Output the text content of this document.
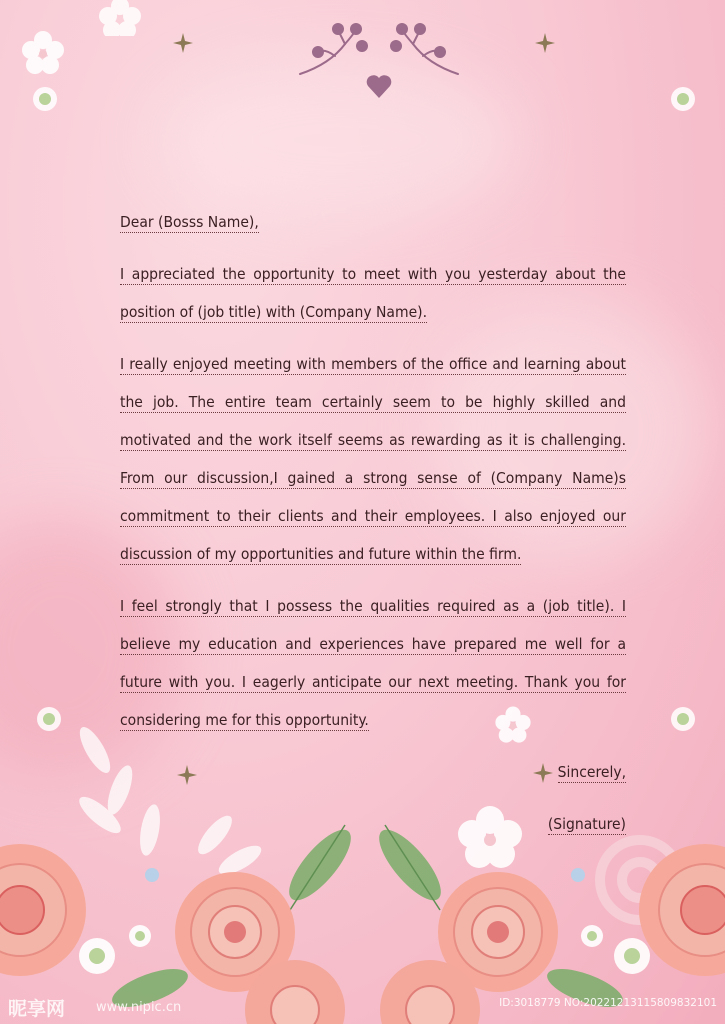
Dear (Bosss Name),
I appreciated the opportunity to meet with you yesterday about the
position of (job title) with (Company Name).
I really enjoyed meeting with members of the office and learning about
the job. The entire team certainly seem to be highly skilled and
motivated and the work itself seems as rewarding as it is challenging.
From our discussion,I gained a strong sense of (Company Name)s
commitment to their clients and their employees. I also enjoyed our
discussion of my opportunities and future within the firm.
I feel strongly that I possess the qualities required as a (job title). I
believe my education and experiences have prepared me well for a
future with you. I eagerly anticipate our next meeting. Thank you for
considering me for this opportunity.
Sincerely,
(Signature)
昵享网 www.nipic.cn	ID:3018779 NO:20221213115809832101
